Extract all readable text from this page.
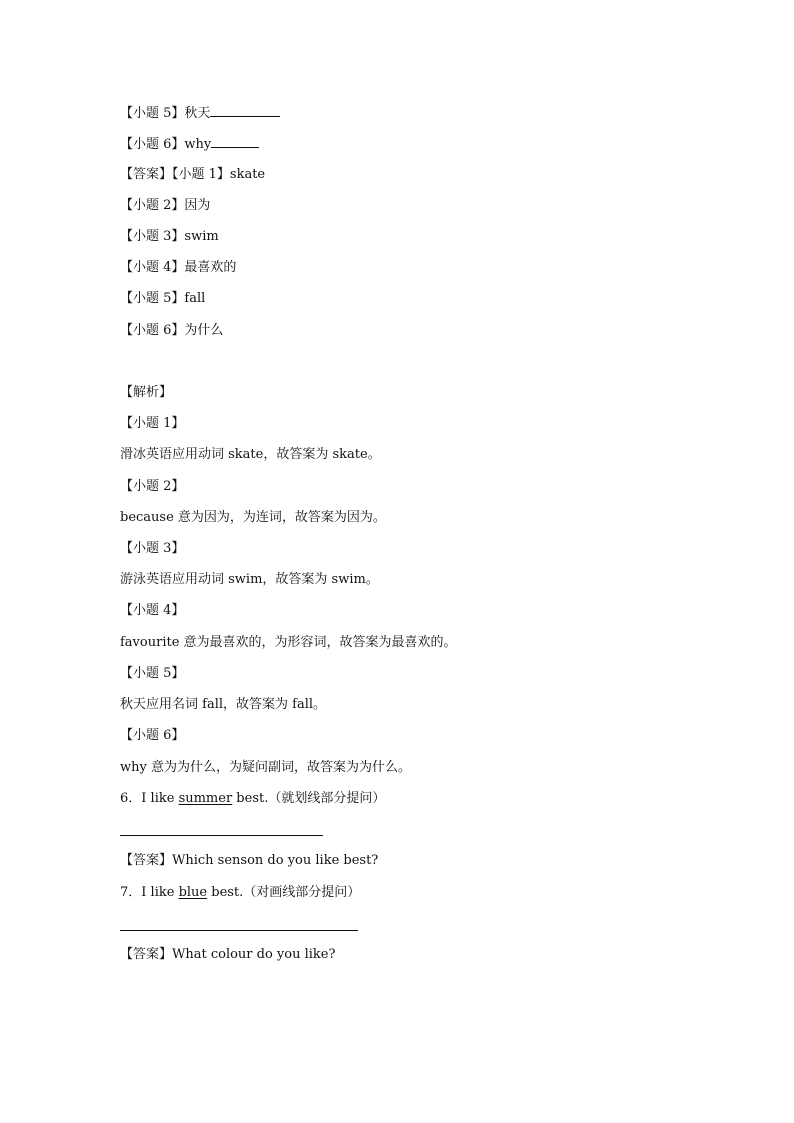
【小题 5】秋天
【小题 6】why
【答案】【小题 1】skate
【小题 2】因为
【小题 3】swim
【小题 4】最喜欢的
【小题 5】fall
【小题 6】为什么
【解析】
【小题 1】
滑冰英语应用动词 skate，故答案为 skate。
【小题 2】
because 意为因为，为连词，故答案为因为。
【小题 3】
游泳英语应用动词 swim，故答案为 swim。
【小题 4】
favourite 意为最喜欢的，为形容词，故答案为最喜欢的。
【小题 5】
秋天应用名词 fall，故答案为 fall。
【小题 6】
why 意为为什么，为疑问副词，故答案为为什么。
6．I like summer best.（就划线部分提问）
【答案】Which senson do you like best?
7．I like blue best.（对画线部分提问）
【答案】What colour do you like?
